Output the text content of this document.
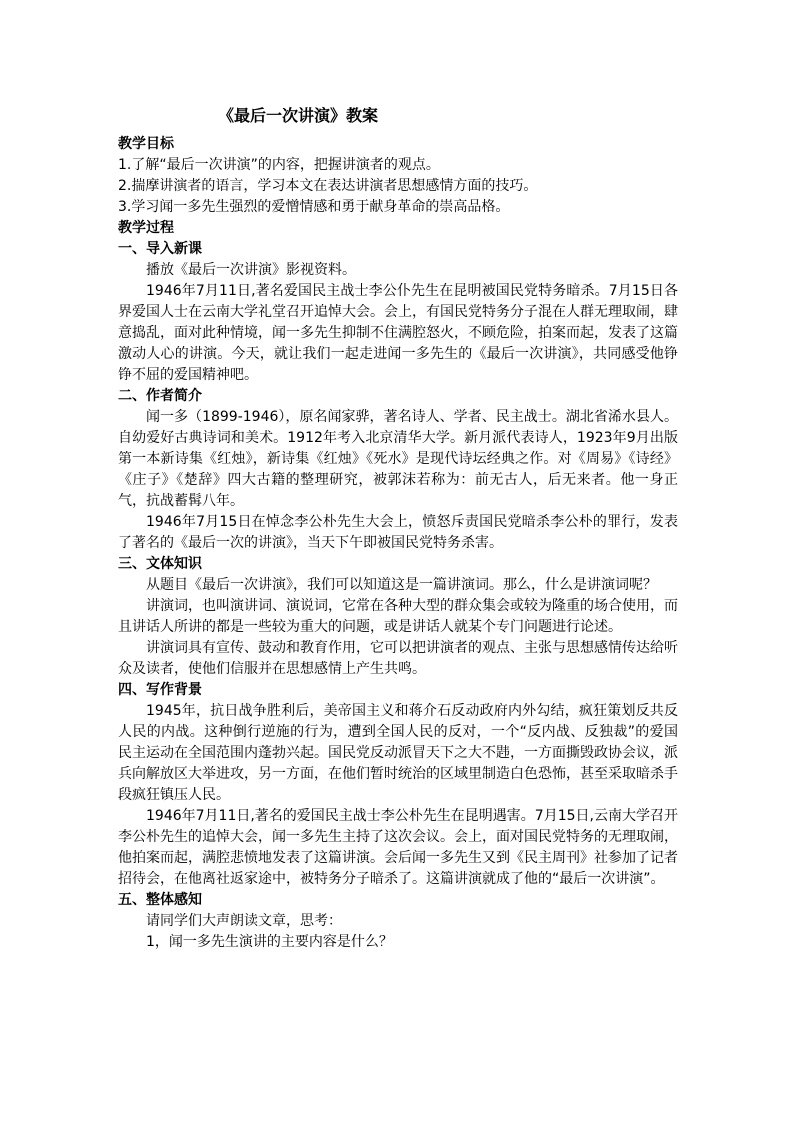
《最后一次讲演》教案
教学目标
1.了解“最后一次讲演”的内容，把握讲演者的观点。
2.揣摩讲演者的语言，学习本文在表达讲演者思想感情方面的技巧。
3.学习闻一多先生强烈的爱憎情感和勇于献身革命的崇高品格。
教学过程
一、导入新课
播放《最后一次讲演》影视资料。
1946年7月11日,著名爱国民主战士李公仆先生在昆明被国民党特务暗杀。7月15日各界爱国人士在云南大学礼堂召开追悼大会。会上，有国民党特务分子混在人群无理取闹，肆意捣乱，面对此种情境，闻一多先生抑制不住满腔怒火，不顾危险，拍案而起，发表了这篇激动人心的讲演。今天，就让我们一起走进闻一多先生的《最后一次讲演》，共同感受他铮铮不屈的爱国精神吧。
二、作者简介
闻一多（1899-1946），原名闻家骅，著名诗人、学者、民主战士。湖北省浠水县人。自幼爱好古典诗词和美术。1912年考入北京清华大学。新月派代表诗人，1923年9月出版第一本新诗集《红烛》，新诗集《红烛》《死水》是现代诗坛经典之作。对《周易》《诗经》《庄子》《楚辞》四大古籍的整理研究，被郭沫若称为：前无古人，后无来者。他一身正气，抗战蓄髯八年。
1946年7月15日在悼念李公朴先生大会上，愤怒斥责国民党暗杀李公朴的罪行，发表了著名的《最后一次的讲演》，当天下午即被国民党特务杀害。
三、文体知识
从题目《最后一次讲演》，我们可以知道这是一篇讲演词。那么，什么是讲演词呢？
讲演词，也叫演讲词、演说词，它常在各种大型的群众集会或较为隆重的场合使用，而且讲话人所讲的都是一些较为重大的问题，或是讲话人就某个专门问题进行论述。
讲演词具有宣传、鼓动和教育作用，它可以把讲演者的观点、主张与思想感情传达给听众及读者，使他们信服并在思想感情上产生共鸣。
四、写作背景
1945年，抗日战争胜利后，美帝国主义和蒋介石反动政府内外勾结，疯狂策划反共反人民的内战。这种倒行逆施的行为，遭到全国人民的反对，一个“反内战、反独裁”的爱国民主运动在全国范围内蓬勃兴起。国民党反动派冒天下之大不韪，一方面撕毁政协会议，派兵向解放区大举进攻，另一方面，在他们暂时统治的区域里制造白色恐怖，甚至采取暗杀手段疯狂镇压人民。
1946年7月11日,著名的爱国民主战士李公朴先生在昆明遇害。7月15日,云南大学召开李公朴先生的追悼大会，闻一多先生主持了这次会议。会上，面对国民党特务的无理取闹，他拍案而起，满腔悲愤地发表了这篇讲演。会后闻一多先生又到《民主周刊》社参加了记者招待会，在他离社返家途中，被特务分子暗杀了。这篇讲演就成了他的“最后一次讲演”。
五、整体感知
请同学们大声朗读文章，思考：
1，闻一多先生演讲的主要内容是什么？
